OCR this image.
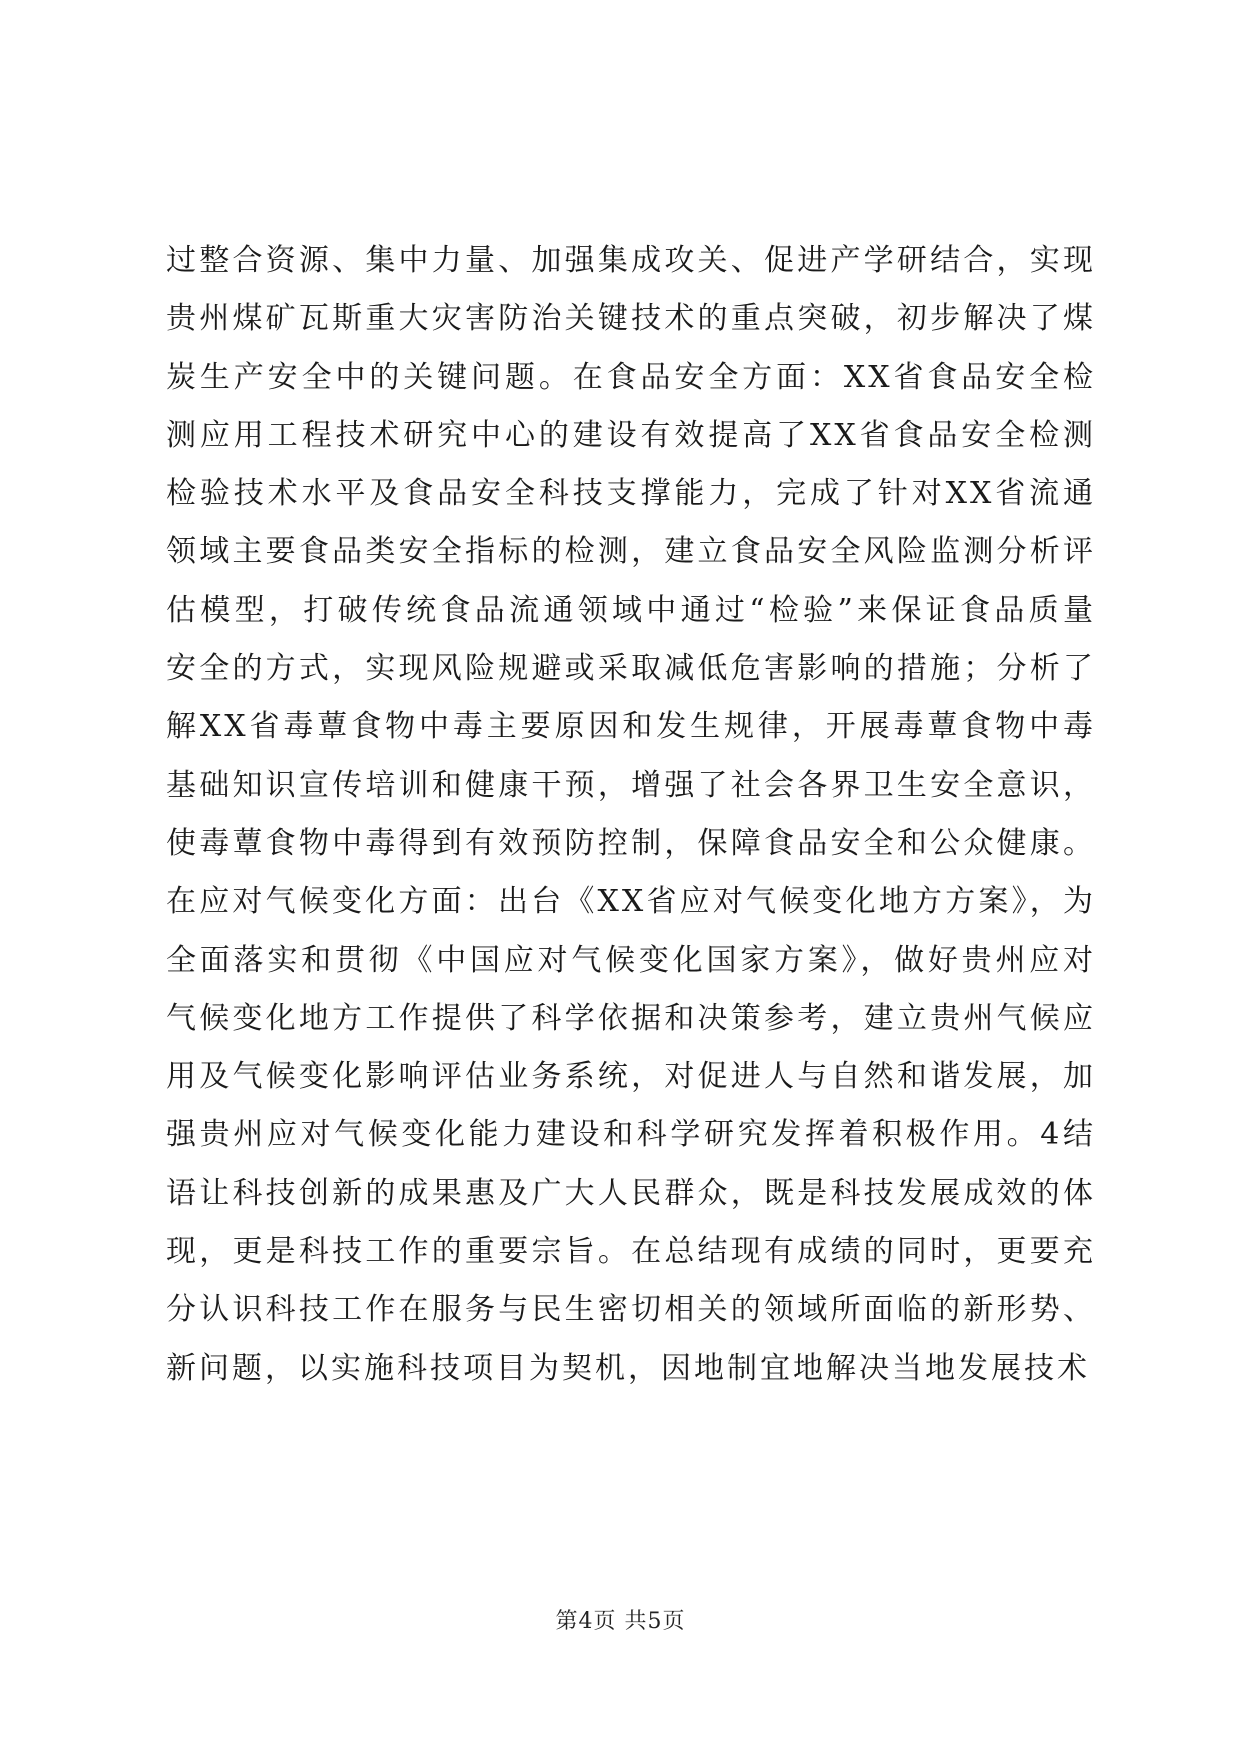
过整合资源、集中力量、加强集成攻关、促进产学研结合，实现
贵州煤矿瓦斯重大灾害防治关键技术的重点突破，初步解决了煤
炭生产安全中的关键问题。在食品安全方面：XX省食品安全检
测应用工程技术研究中心的建设有效提高了XX省食品安全检测
检验技术水平及食品安全科技支撑能力，完成了针对XX省流通
领域主要食品类安全指标的检测，建立食品安全风险监测分析评
估模型，打破传统食品流通领域中通过“检验”来保证食品质量
安全的方式，实现风险规避或采取减低危害影响的措施；分析了
解XX省毒蕈食物中毒主要原因和发生规律，开展毒蕈食物中毒
基础知识宣传培训和健康干预，增强了社会各界卫生安全意识，
使毒蕈食物中毒得到有效预防控制，保障食品安全和公众健康。
在应对气候变化方面：出台《XX省应对气候变化地方方案》，为
全面落实和贯彻《中国应对气候变化国家方案》，做好贵州应对
气候变化地方工作提供了科学依据和决策参考，建立贵州气候应
用及气候变化影响评估业务系统，对促进人与自然和谐发展，加
强贵州应对气候变化能力建设和科学研究发挥着积极作用。4结
语让科技创新的成果惠及广大人民群众，既是科技发展成效的体
现，更是科技工作的重要宗旨。在总结现有成绩的同时，更要充
分认识科技工作在服务与民生密切相关的领域所面临的新形势、
新问题，以实施科技项目为契机，因地制宜地解决当地发展技术
第4页 共5页
